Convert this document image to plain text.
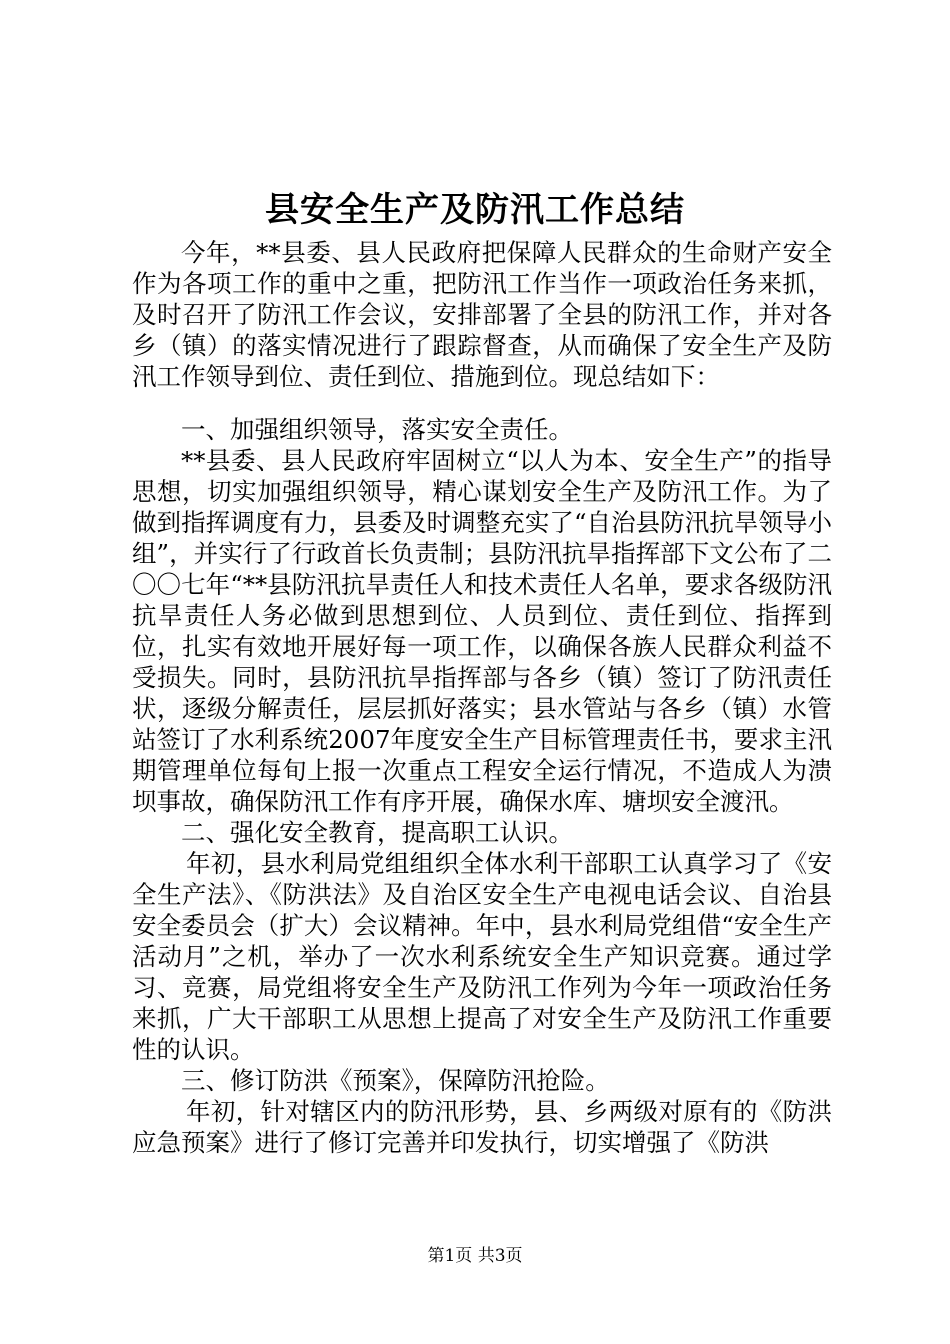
县安全生产及防汛工作总结

今年，**县委、县人民政府把保障人民群众的生命财产安全作为各项工作的重中之重，把防汛工作当作一项政治任务来抓，及时召开了防汛工作会议，安排部署了全县的防汛工作，并对各乡（镇）的落实情况进行了跟踪督查，从而确保了安全生产及防汛工作领导到位、责任到位、措施到位。现总结如下：

一、加强组织领导，落实安全责任。

**县委、县人民政府牢固树立“以人为本、安全生产”的指导思想，切实加强组织领导，精心谋划安全生产及防汛工作。为了做到指挥调度有力，县委及时调整充实了“自治县防汛抗旱领导小组”，并实行了行政首长负责制；县防汛抗旱指挥部下文公布了二〇〇七年“**县防汛抗旱责任人和技术责任人名单，要求各级防汛抗旱责任人务必做到思想到位、人员到位、责任到位、指挥到位，扎实有效地开展好每一项工作，以确保各族人民群众利益不受损失。同时，县防汛抗旱指挥部与各乡（镇）签订了防汛责任状，逐级分解责任，层层抓好落实；县水管站与各乡（镇）水管站签订了水利系统2007年度安全生产目标管理责任书，要求主汛期管理单位每旬上报一次重点工程安全运行情况，不造成人为溃坝事故，确保防汛工作有序开展，确保水库、塘坝安全渡汛。

二、强化安全教育，提高职工认识。

年初，县水利局党组组织全体水利干部职工认真学习了《安全生产法》、《防洪法》及自治区安全生产电视电话会议、自治县安全委员会（扩大）会议精神。年中，县水利局党组借“安全生产活动月”之机，举办了一次水利系统安全生产知识竞赛。通过学习、竞赛，局党组将安全生产及防汛工作列为今年一项政治任务来抓，广大干部职工从思想上提高了对安全生产及防汛工作重要性的认识。

三、修订防洪《预案》，保障防汛抢险。

年初，针对辖区内的防汛形势，县、乡两级对原有的《防洪应急预案》进行了修订完善并印发执行，切实增强了《防洪

第1页 共3页
